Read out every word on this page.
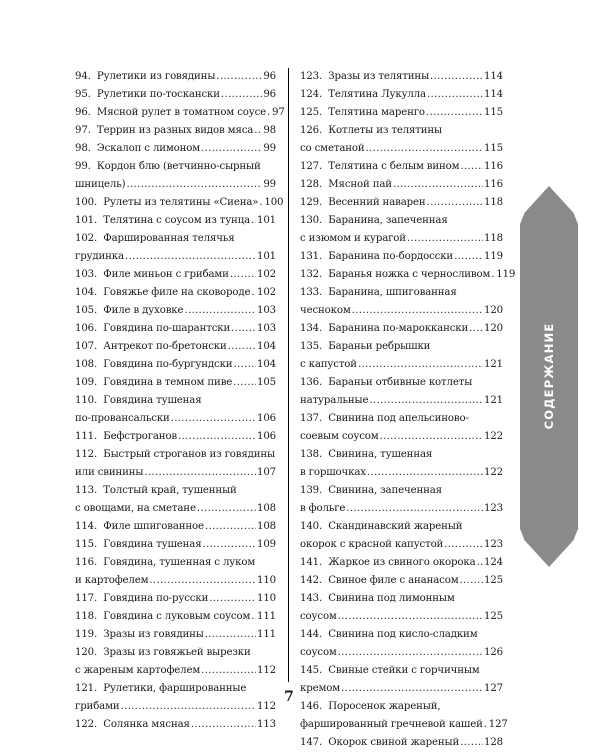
94.  Рулетики из говядины .....	96
95.  Рулетики по-тоскански .....	96
96.  Мясной рулет в томатном соусе ..... 97
97.  Террин из разных видов мяса ..... 98
98.  Эскалоп с лимоном .....	99
99.  Кордон блю (ветчинно-сырный
шницель) .....	99
100.  Рулеты из телятины «Сиена» ..... 100
101.  Телятина с соусом из тунца ..... 101
102.  Фаршированная телячья
грудинка .....	101
103.  Филе миньон с грибами .....	102
104.  Говяжье филе на сковороде ..... 102
105.  Филе в духовке .....	103
106.  Говядина по-шарантски .....	103
107.  Антрекот по-бретонски .....	104
108.  Говядина по-бургундски ..... 104
109.  Говядина в темном пиве ..... 105
110.  Говядина тушеная
по-провансальски .....	106
111.  Бефстроганов .....	106
112.  Быстрый строганов из говядины
или свинины .....	107
113.  Толстый край, тушенный
с овощами, на сметане .....	108
114.  Филе шпигованное .....	108
115.  Говядина тушеная .....	109
116.  Говядина, тушенная с луком
и картофелем .....	110
117.  Говядина по-русски .....	110
118.  Говядина с луковым соусом ..... 111
119.  Зразы из говядины .....	111
120.  Зразы из говяжьей вырезки
с жареным картофелем .....	112
121.  Рулетики, фаршированные
грибами .....	112
122.  Солянка мясная .....	113
123.  Зразы из телятины .....	114
124.  Телятина Лукулла .....	114
125.  Телятина маренго .....	115
126.  Котлеты из телятины
со сметаной .....	115
127.  Телятина с белым вином ..... 116
128.  Мясной пай .....	116
129.  Весенний наварен .....	118
130.  Баранина, запеченная
с изюмом и курагой .....	118
131.  Баранина по-бордосски .....	119
132.  Баранья ножка с черносливом ..... 119
133.  Баранина, шпигованная
чесноком .....	120
134.  Баранина по-марокканcки ..... 120
135.  Бараньи ребрышки
с капустой .....	121
136.  Бараньи отбивные котлеты
натуральные .....	121
137.  Свинина под апельсиново-
соевым соусом .....	122
138.  Свинина, тушенная
в горшочках .....	122
139.  Свинина, запеченная
в фольге .....	123
140.  Скандинавский жареный
окорок с красной капустой .....	123
141.  Жаркое из свиного окорока ..... 124
142.  Свиное филе с ананасом .....	125
143.  Свинина под лимонным
соусом .....	125
144.  Свинина под кисло-сладким
соусом .....	126
145.  Свиные стейки с горчичным
кремом .....	127
146.  Поросенок жареный,
фаршированный гречневой кашей ..... 127
147.  Окорок свиной жареный ..... 128
СОДЕРЖАНИЕ
7
